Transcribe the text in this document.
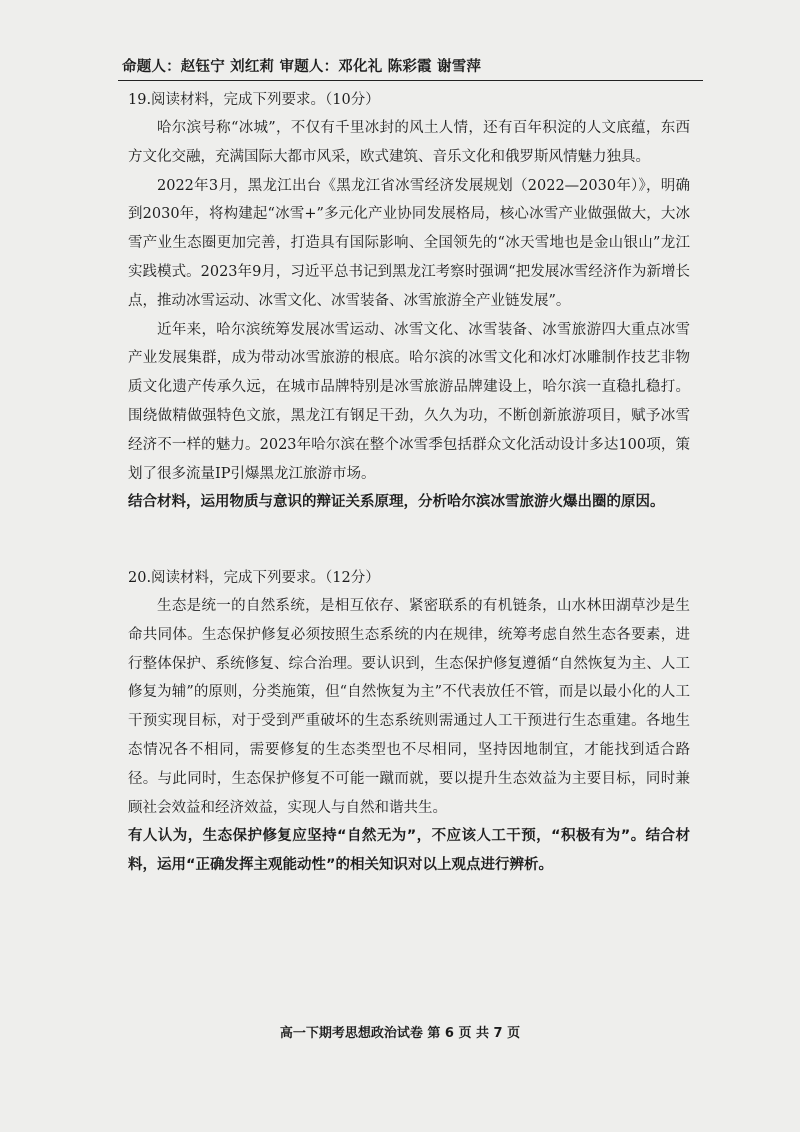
命题人：赵钰宁 刘红莉 审题人：邓化礼 陈彩霞 谢雪萍
19.阅读材料，完成下列要求。（10分）

哈尔滨号称“冰城”，不仅有千里冰封的风土人情，还有百年积淀的人文底蕴，东西方文化交融，充满国际大都市风采，欧式建筑、音乐文化和俄罗斯风情魅力独具。

2022年3月，黑龙江出台《黑龙江省冰雪经济发展规划（2022—2030年）》，明确到2030年，将构建起“冰雪+”多元化产业协同发展格局，核心冰雪产业做强做大，大冰雪产业生态圈更加完善，打造具有国际影响、全国领先的“冰天雪地也是金山银山”龙江实践模式。2023年9月，习近平总书记到黑龙江考察时强调“把发展冰雪经济作为新增长点，推动冰雪运动、冰雪文化、冰雪装备、冰雪旅游全产业链发展”。

近年来，哈尔滨统筹发展冰雪运动、冰雪文化、冰雪装备、冰雪旅游四大重点冰雪产业发展集群，成为带动冰雪旅游的根底。哈尔滨的冰雪文化和冰灯冰雕制作技艺非物质文化遗产传承久远，在城市品牌特别是冰雪旅游品牌建设上，哈尔滨一直稳扎稳打。围绕做精做强特色文旅，黑龙江有钢足干劲，久久为功，不断创新旅游项目，赋予冰雪经济不一样的魅力。2023年哈尔滨在整个冰雪季包括群众文化活动设计多达100项，策划了很多流量IP引爆黑龙江旅游市场。

结合材料，运用物质与意识的辩证关系原理，分析哈尔滨冰雪旅游火爆出圈的原因。

20.阅读材料，完成下列要求。（12分）

生态是统一的自然系统，是相互依存、紧密联系的有机链条，山水林田湖草沙是生命共同体。生态保护修复必须按照生态系统的内在规律，统筹考虑自然生态各要素，进行整体保护、系统修复、综合治理。要认识到，生态保护修复遵循“自然恢复为主、人工修复为辅”的原则，分类施策，但“自然恢复为主”不代表放任不管，而是以最小化的人工干预实现目标，对于受到严重破坏的生态系统则需通过人工干预进行生态重建。各地生态情况各不相同，需要修复的生态类型也不尽相同，坚持因地制宜，才能找到适合路径。与此同时，生态保护修复不可能一蹴而就，要以提升生态效益为主要目标，同时兼顾社会效益和经济效益，实现人与自然和谐共生。

有人认为，生态保护修复应坚持“自然无为”，不应该人工干预，“积极有为”。结合材料，运用“正确发挥主观能动性”的相关知识对以上观点进行辨析。

高一下期考思想政治试卷 第 6 页 共 7 页
